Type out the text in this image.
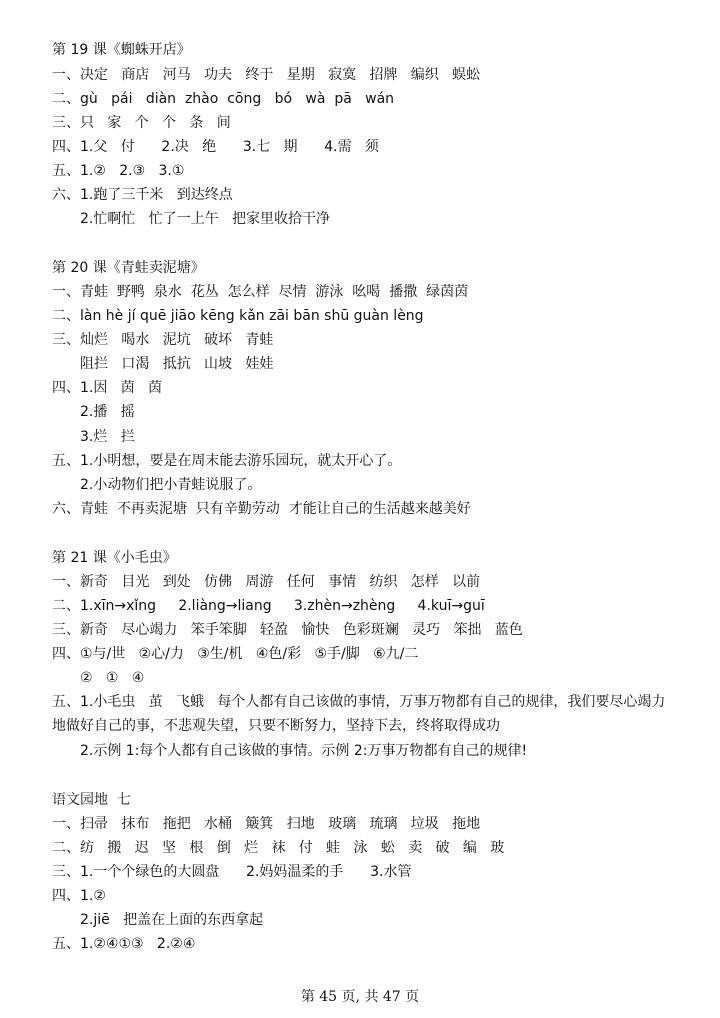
第 19 课《蜘蛛开店》
一、决定   商店   河马   功夫   终于   星期   寂寞   招牌   编织   蜈蚣
二、gù   pái   diàn  zhào  cōng   bó   wà  pā   wán
三、只   家   个   个   条   间
四、1.父   付      2.决   绝      3.七   期      4.需   须
五、1.②   2.③   3.①
六、1.跑了三千米   到达终点
2.忙啊忙   忙了一上午   把家里收拾干净
第 20 课《青蛙卖泥塘》
一、青蛙  野鸭  泉水  花丛  怎么样  尽情  游泳  吆喝  播撒  绿茵茵
二、làn hè jí quē jiāo kēng kǎn zāi bān shū guàn lèng
三、灿烂   喝水   泥坑   破坏   青蛙
阻拦   口渴   抵抗   山坡   娃娃
四、1.因   茵   茵
2.播   摇
3.烂   拦
五、1.小明想，要是在周末能去游乐园玩，就太开心了。
2.小动物们把小青蛙说服了。
六、青蛙  不再卖泥塘  只有辛勤劳动  才能让自己的生活越来越美好
第 21 课《小毛虫》
一、新奇   目光   到处   仿佛   周游   任何   事情   纺织   怎样   以前
二、1.xīn→xǐng     2.liàng→liang     3.zhèn→zhèng     4.kuī→guī
三、新奇   尽心竭力   笨手笨脚   轻盈   愉快   色彩斑斓   灵巧   笨拙   蓝色
四、①与/世   ②心/力   ③生/机   ④色/彩   ⑤手/脚   ⑥九/二
②   ①   ④
五、1.小毛虫   茧   飞蛾   每个人都有自己该做的事情，万事万物都有自己的规律，我们要尽心竭力地做好自己的事，不悲观失望，只要不断努力，坚持下去，终将取得成功
2.示例 1:每个人都有自己该做的事情。示例 2:万事万物都有自己的规律!
语文园地  七
一、扫帚   抹布   拖把   水桶   簸箕   扫地   玻璃   琉璃   垃圾   拖地
二、纺   搬   迟   坚   根   倒   烂   袜   付   蛙   泳   蚣   卖   破   编   玻
三、1.一个个绿色的大圆盘      2.妈妈温柔的手      3.水管
四、1.②
2.jiē   把盖在上面的东西拿起
五、1.②④①③   2.②④
第 45 页, 共 47 页
